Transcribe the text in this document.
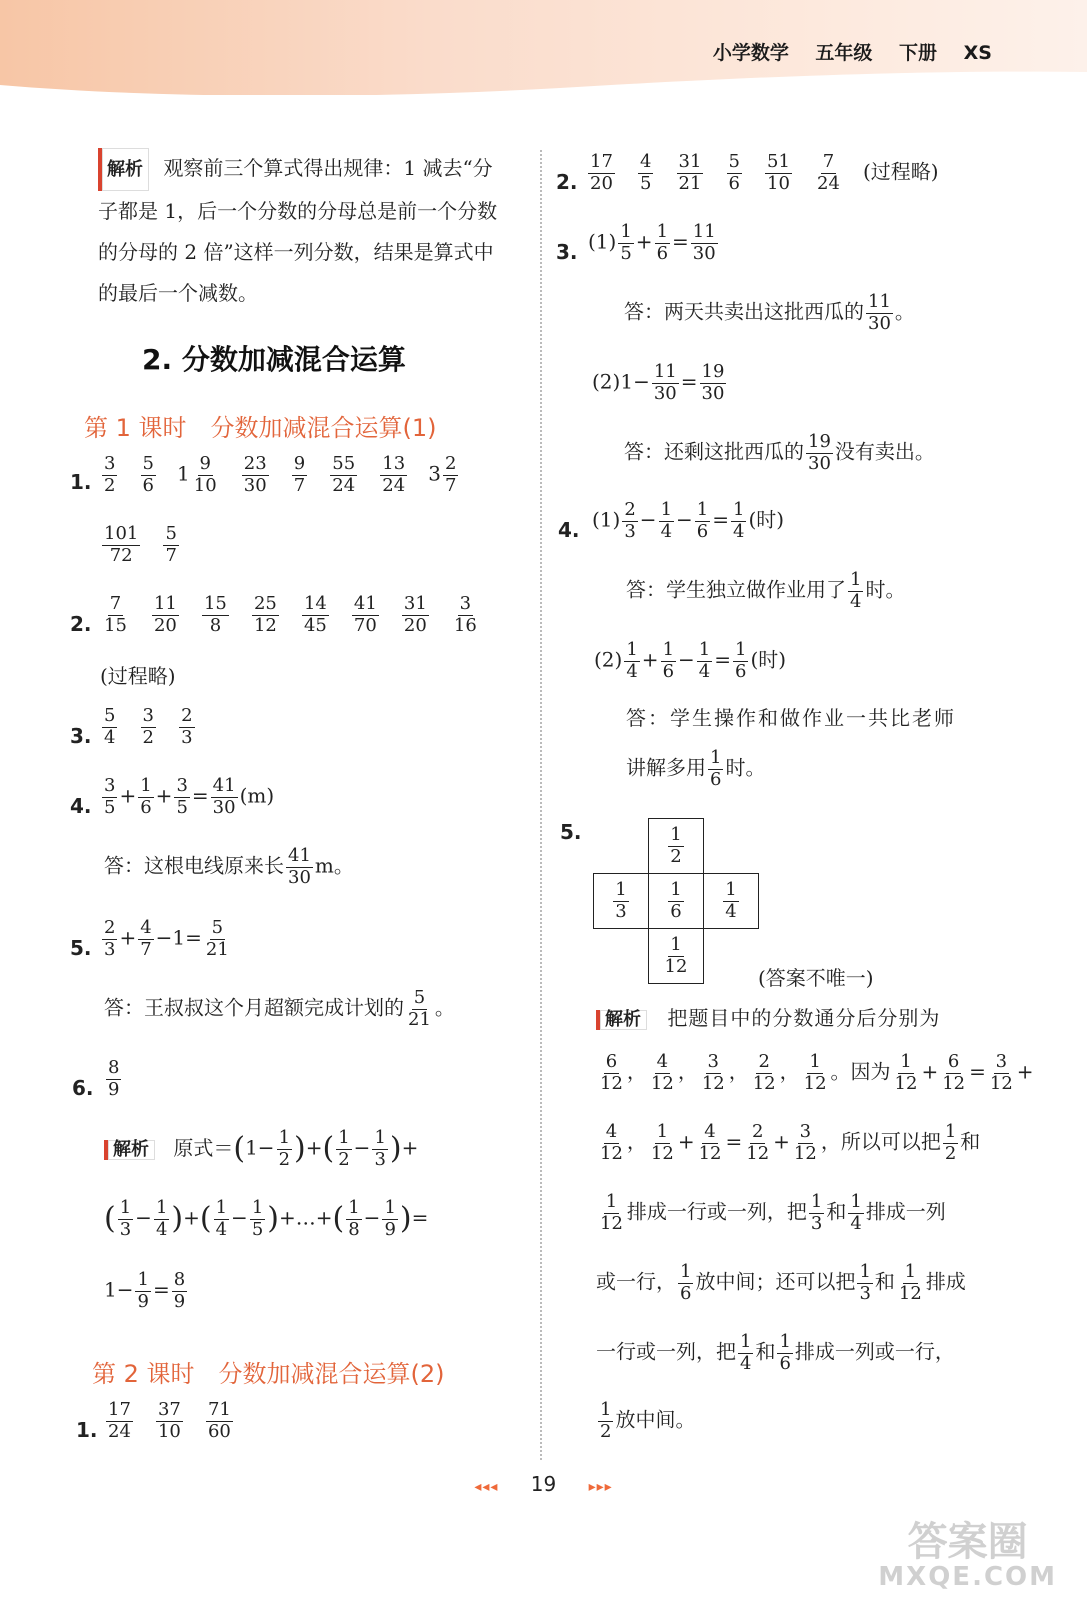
小学数学 五年级 下册 XS
解析 观察前三个算式得出规律：1 减去“分子都是 1，后一个分数的分母总是前一个分数的分母的 2 倍”这样一列分数，结果是算式中的最后一个减数。
2. 分数加减混合运算
第 1 课时　分数加减混合运算(1)
1. $\frac{3}{2}$
$\frac{5}{6} 1 \frac{9}{10}$
$\frac{23}{30}$
$\frac{9}{7}$
$\frac{55}{24}$
$\frac{13}{24} 3 \frac{2}{7}$
$\frac{101}{72}$
$\frac{5}{7}$
2. $\frac{7}{15}$
$\frac{11}{20}$
$\frac{15}{8}$
$\frac{25}{12}$
$\frac{14}{45}$
$\frac{41}{70}$
$\frac{31}{20}$
$\frac{3}{16}$
(过程略)
3. $\frac{5}{4}$
$\frac{3}{2}$
$\frac{2}{3}$
4. $\frac{3}{5} + \frac{1}{6} + \frac{3}{5} = \frac{41}{30} (m)$
答：这根电线原来长 $\frac{41}{30}$ m。
5. $\frac{2}{3} + \frac{4}{7} -1= \frac{5}{21}$
答：王叔叔这个月超额完成计划的 $\frac{5}{21}$ 。
6. $\frac{8}{9}$
解析 原式$=(1- \frac{1}{2}$ )+( $\frac{1}{2} - \frac{1}{3}$ )+
( $\frac{1}{3} - \frac{1}{4}$ )+( $\frac{1}{4} - \frac{1}{5}$ )+…+( $\frac{1}{8} - \frac{1}{9}$ )=
$1- \frac{1}{9} = \frac{8}{9}$
第 2 课时　分数加减混合运算(2)
1. $\frac{17}{24}$
$\frac{37}{10}$
$\frac{71}{60}$
2. $\frac{17}{20}$
$\frac{4}{5}$
$\frac{31}{21}$
$\frac{5}{6}$
$\frac{51}{10}$
$\frac{7}{24}$ (过程略)
3. $(1) \frac{1}{5} + \frac{1}{6} = \frac{11}{30}$
答：两天共卖出这批西瓜的 $\frac{11}{30}$ 。
$(2)1- \frac{11}{30} = \frac{19}{30}$
答：还剩这批西瓜的 $\frac{19}{30}$ 没有卖出。
4. $(1) \frac{2}{3} - \frac{1}{4} - \frac{1}{6} = \frac{1}{4}$ (时)
答：学生独立做作业用了 $\frac{1}{4}$ 时。
$(2) \frac{1}{4} + \frac{1}{6} - \frac{1}{4} = \frac{1}{6}$ (时)
答：学生操作和做作业一共比老师
讲解多用 $\frac{1}{6}$ 时。
5.	$\frac{1}{2}$
$\frac{1}{3} \frac{1}{6} \frac{1}{4}$
$\frac{1}{12}$
(答案不唯一)
解析 把题目中的分数通分后分别为
$\frac{6}{12}$ ， $\frac{4}{12}$ ， $\frac{3}{12}$ ， $\frac{2}{12}$ ， $\frac{1}{12}$ 。因为 $\frac{1}{12} + \frac{6}{12} = \frac{3}{12}$ +
$\frac{4}{12}$ ， $\frac{1}{12} + \frac{4}{12} = \frac{2}{12} + \frac{3}{12}$ ，所以可以把 $\frac{1}{2}$ 和
$\frac{1}{12}$ 排成一行或一列，把 $\frac{1}{3}$ 和 $\frac{1}{4}$ 排成一列
或一行， $\frac{1}{6}$ 放中间；还可以把 $\frac{1}{3}$ 和 $\frac{1}{12}$ 排成
一行或一列，把 $\frac{1}{4}$ 和 $\frac{1}{6}$ 排成一列或一行，
$\frac{1}{2}$ 放中间。
◂◂◂ 19 ▸▸▸
答案圈
MXQE.COM
